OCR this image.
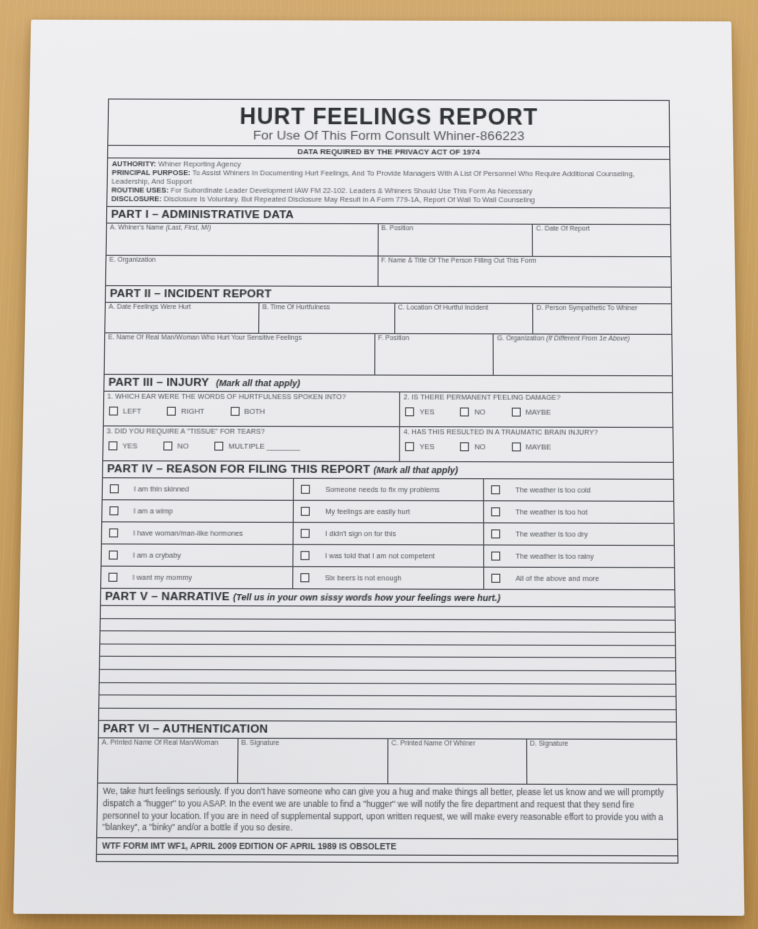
HURT FEELINGS REPORT
For Use Of This Form Consult Whiner-866223
DATA REQUIRED BY THE PRIVACY ACT OF 1974
AUTHORITY: Whiner Reporting Agency
PRINCIPAL PURPOSE: To Assist Whiners In Documenting Hurt Feelings, And To Provide Managers With A List Of Personnel Who Require Additional Counseling, Leadership, And Support
ROUTINE USES: For Subordinate Leader Development IAW FM 22-102. Leaders & Whiners Should Use This Form As Necessary
DISCLOSURE: Disclosure Is Voluntary. But Repeated Disclosure May Result In A Form 779-1A, Report Of Wall To Wall Counseling
PART I – ADMINISTRATIVE DATA
A. Whiner's Name (Last, First, MI)	B. Position	C. Date Of Report
E. Organization	F. Name & Title Of The Person Filling Out This Form
PART II – INCIDENT REPORT
A. Date Feelings Were Hurt	B. Time Of Hurtfulness	C. Location Of Hurtful Incident	D. Person Sympathetic To Whiner
E. Name Of Real Man/Woman Who Hurt Your Sensitive Feelings	F. Position	G. Organization (If Different From 1e Above)
PART III – INJURY (Mark all that apply)
1. WHICH EAR WERE THE WORDS OF HURTFULNESS SPOKEN INTO?
LEFT	RIGHT	BOTH
2. IS THERE PERMANENT FEELING DAMAGE?
YES	NO	MAYBE
3. DID YOU REQUIRE A "TISSUE" FOR TEARS?
YES	NO	MULTIPLE ________
4. HAS THIS RESULTED IN A TRAUMATIC BRAIN INJURY?
YES	NO	MAYBE
PART IV – REASON FOR FILING THIS REPORT (Mark all that apply)
I am thin skinned	Someone needs to fix my problems	The weather is too cold
I am a wimp	My feelings are easily hurt	The weather is too hot
I have woman/man-like hormones	I didn't sign on for this	The weather is too dry
I am a crybaby	I was told that I am not competent	The weather is too rainy
I want my mommy	Six beers is not enough	All of the above and more
PART V – NARRATIVE (Tell us in your own sissy words how your feelings were hurt.)
PART VI – AUTHENTICATION
A. Printed Name Of Real Man/Woman	B. Signature	C. Printed Name Of Whiner	D. Signature
We, take hurt feelings seriously. If you don't have someone who can give you a hug and make things all better, please let us know and we will promptly dispatch a "hugger" to you ASAP. In the event we are unable to find a "hugger" we will notify the fire department and request that they send fire personnel to your location. If you are in need of supplemental support, upon written request, we will make every reasonable effort to provide you with a "blankey", a "binky" and/or a bottle if you so desire.
WTF FORM IMT WF1, APRIL 2009 EDITION OF APRIL 1989 IS OBSOLETE
